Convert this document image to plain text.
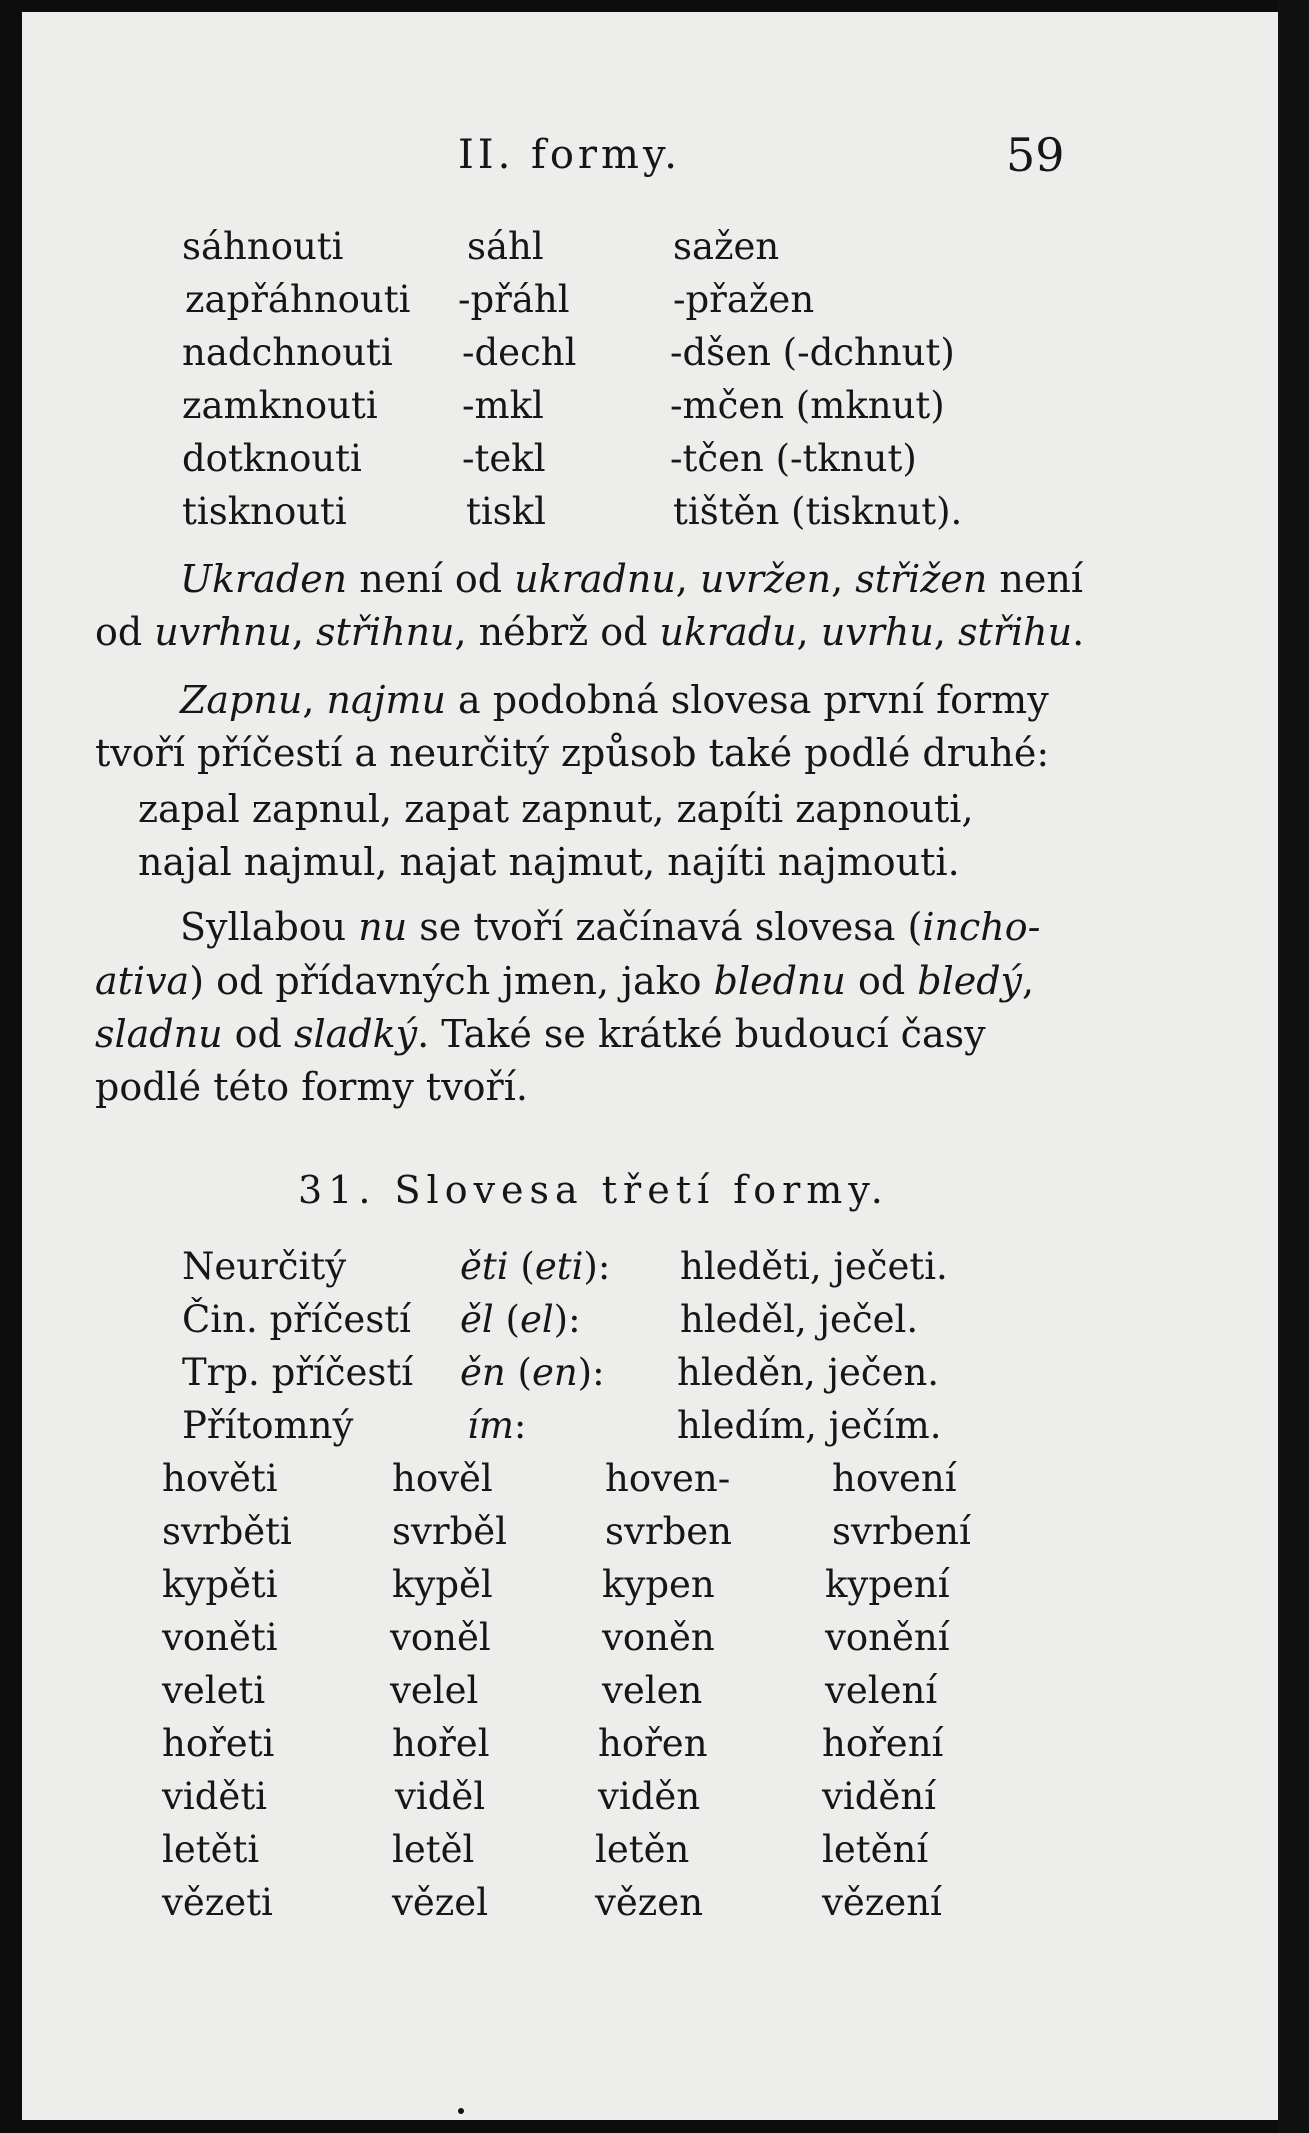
II. formy.	59
sáhnouti	sáhl	sažen
zapřáhnouti -přáhl	-přažen
nadchnouti -dechl	-dšen (-dchnut)
zamknouti -mkl	-mčen (mknut)
dotknouti	-tekl	-tčen (-tknut)
tisknouti	tiskl	tištěn (tisknut).
Ukraden není od ukradnu, uvržen, střižen není
od uvrhnu, střihnu, nébrž od ukradu, uvrhu, střihu.
Zapnu, najmu a podobná slovesa první formy
tvoří příčestí a neurčitý způsob také podlé druhé:
zapal zapnul, zapat zapnut, zapíti zapnouti,
najal najmul, najat najmut, najíti najmouti.
Syllabou nu se tvoří začínavá slovesa (incho-
ativa) od přídavných jmen, jako blednu od bledý,
sladnu od sladký. Také se krátké budoucí časy
podlé této formy tvoří.
31. Slovesa třetí formy.
Neurčitý	ěti (eti): hleděti, ječeti.
Čin. příčestí ěl (el):	hleděl, ječel.
Trp. příčestí ěn (en): hleděn, ječen.
Přítomný	ím:	hledím, ječím.
hověti	hověl	hoven-	hovení
svrběti	svrběl	svrben	svrbení
kypěti	kypěl	kypen	kypení
voněti	voněl	voněn	vonění
veleti	velel	velen	velení
hořeti	hořel	hořen	hoření
viděti	viděl	viděn	vidění
letěti	letěl	letěn	letění
vězeti	vězel	vězen	vězení
